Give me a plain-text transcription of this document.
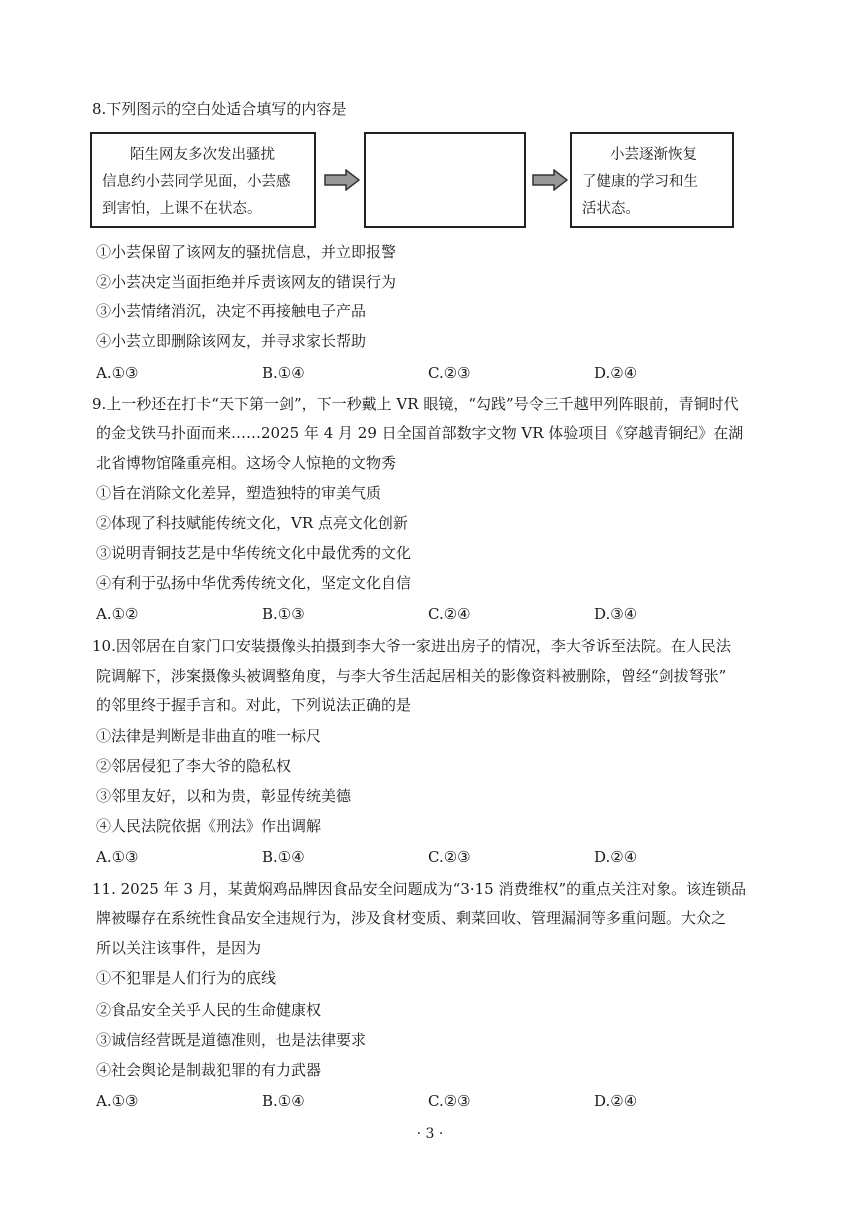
8.下列图示的空白处适合填写的内容是
陌生网友多次发出骚扰
信息约小芸同学见面，小芸感
到害怕，上课不在状态。
小芸逐渐恢复
了健康的学习和生
活状态。
①小芸保留了该网友的骚扰信息，并立即报警
②小芸决定当面拒绝并斥责该网友的错误行为
③小芸情绪消沉，决定不再接触电子产品
④小芸立即删除该网友，并寻求家长帮助
A.①③	B.①④	C.②③	D.②④
9.上一秒还在打卡“天下第一剑”，下一秒戴上 VR 眼镜，“勾践”号令三千越甲列阵眼前，青铜时代
的金戈铁马扑面而来……2025 年 4 月 29 日全国首部数字文物 VR 体验项目《穿越青铜纪》在湖
北省博物馆隆重亮相。这场令人惊艳的文物秀
①旨在消除文化差异，塑造独特的审美气质
②体现了科技赋能传统文化，VR 点亮文化创新
③说明青铜技艺是中华传统文化中最优秀的文化
④有利于弘扬中华优秀传统文化，坚定文化自信
A.①②	B.①③	C.②④	D.③④
10.因邻居在自家门口安装摄像头拍摄到李大爷一家进出房子的情况，李大爷诉至法院。在人民法
院调解下，涉案摄像头被调整角度，与李大爷生活起居相关的影像资料被删除，曾经“剑拔弩张”
的邻里终于握手言和。对此，下列说法正确的是
①法律是判断是非曲直的唯一标尺
②邻居侵犯了李大爷的隐私权
③邻里友好，以和为贵，彰显传统美德
④人民法院依据《刑法》作出调解
A.①③	B.①④	C.②③	D.②④
11. 2025 年 3 月，某黄焖鸡品牌因食品安全问题成为“3·15 消费维权”的重点关注对象。该连锁品
牌被曝存在系统性食品安全违规行为，涉及食材变质、剩菜回收、管理漏洞等多重问题。大众之
所以关注该事件，是因为
①不犯罪是人们行为的底线
②食品安全关乎人民的生命健康权
③诚信经营既是道德准则，也是法律要求
④社会舆论是制裁犯罪的有力武器
A.①③	B.①④	C.②③	D.②④
· 3 ·
